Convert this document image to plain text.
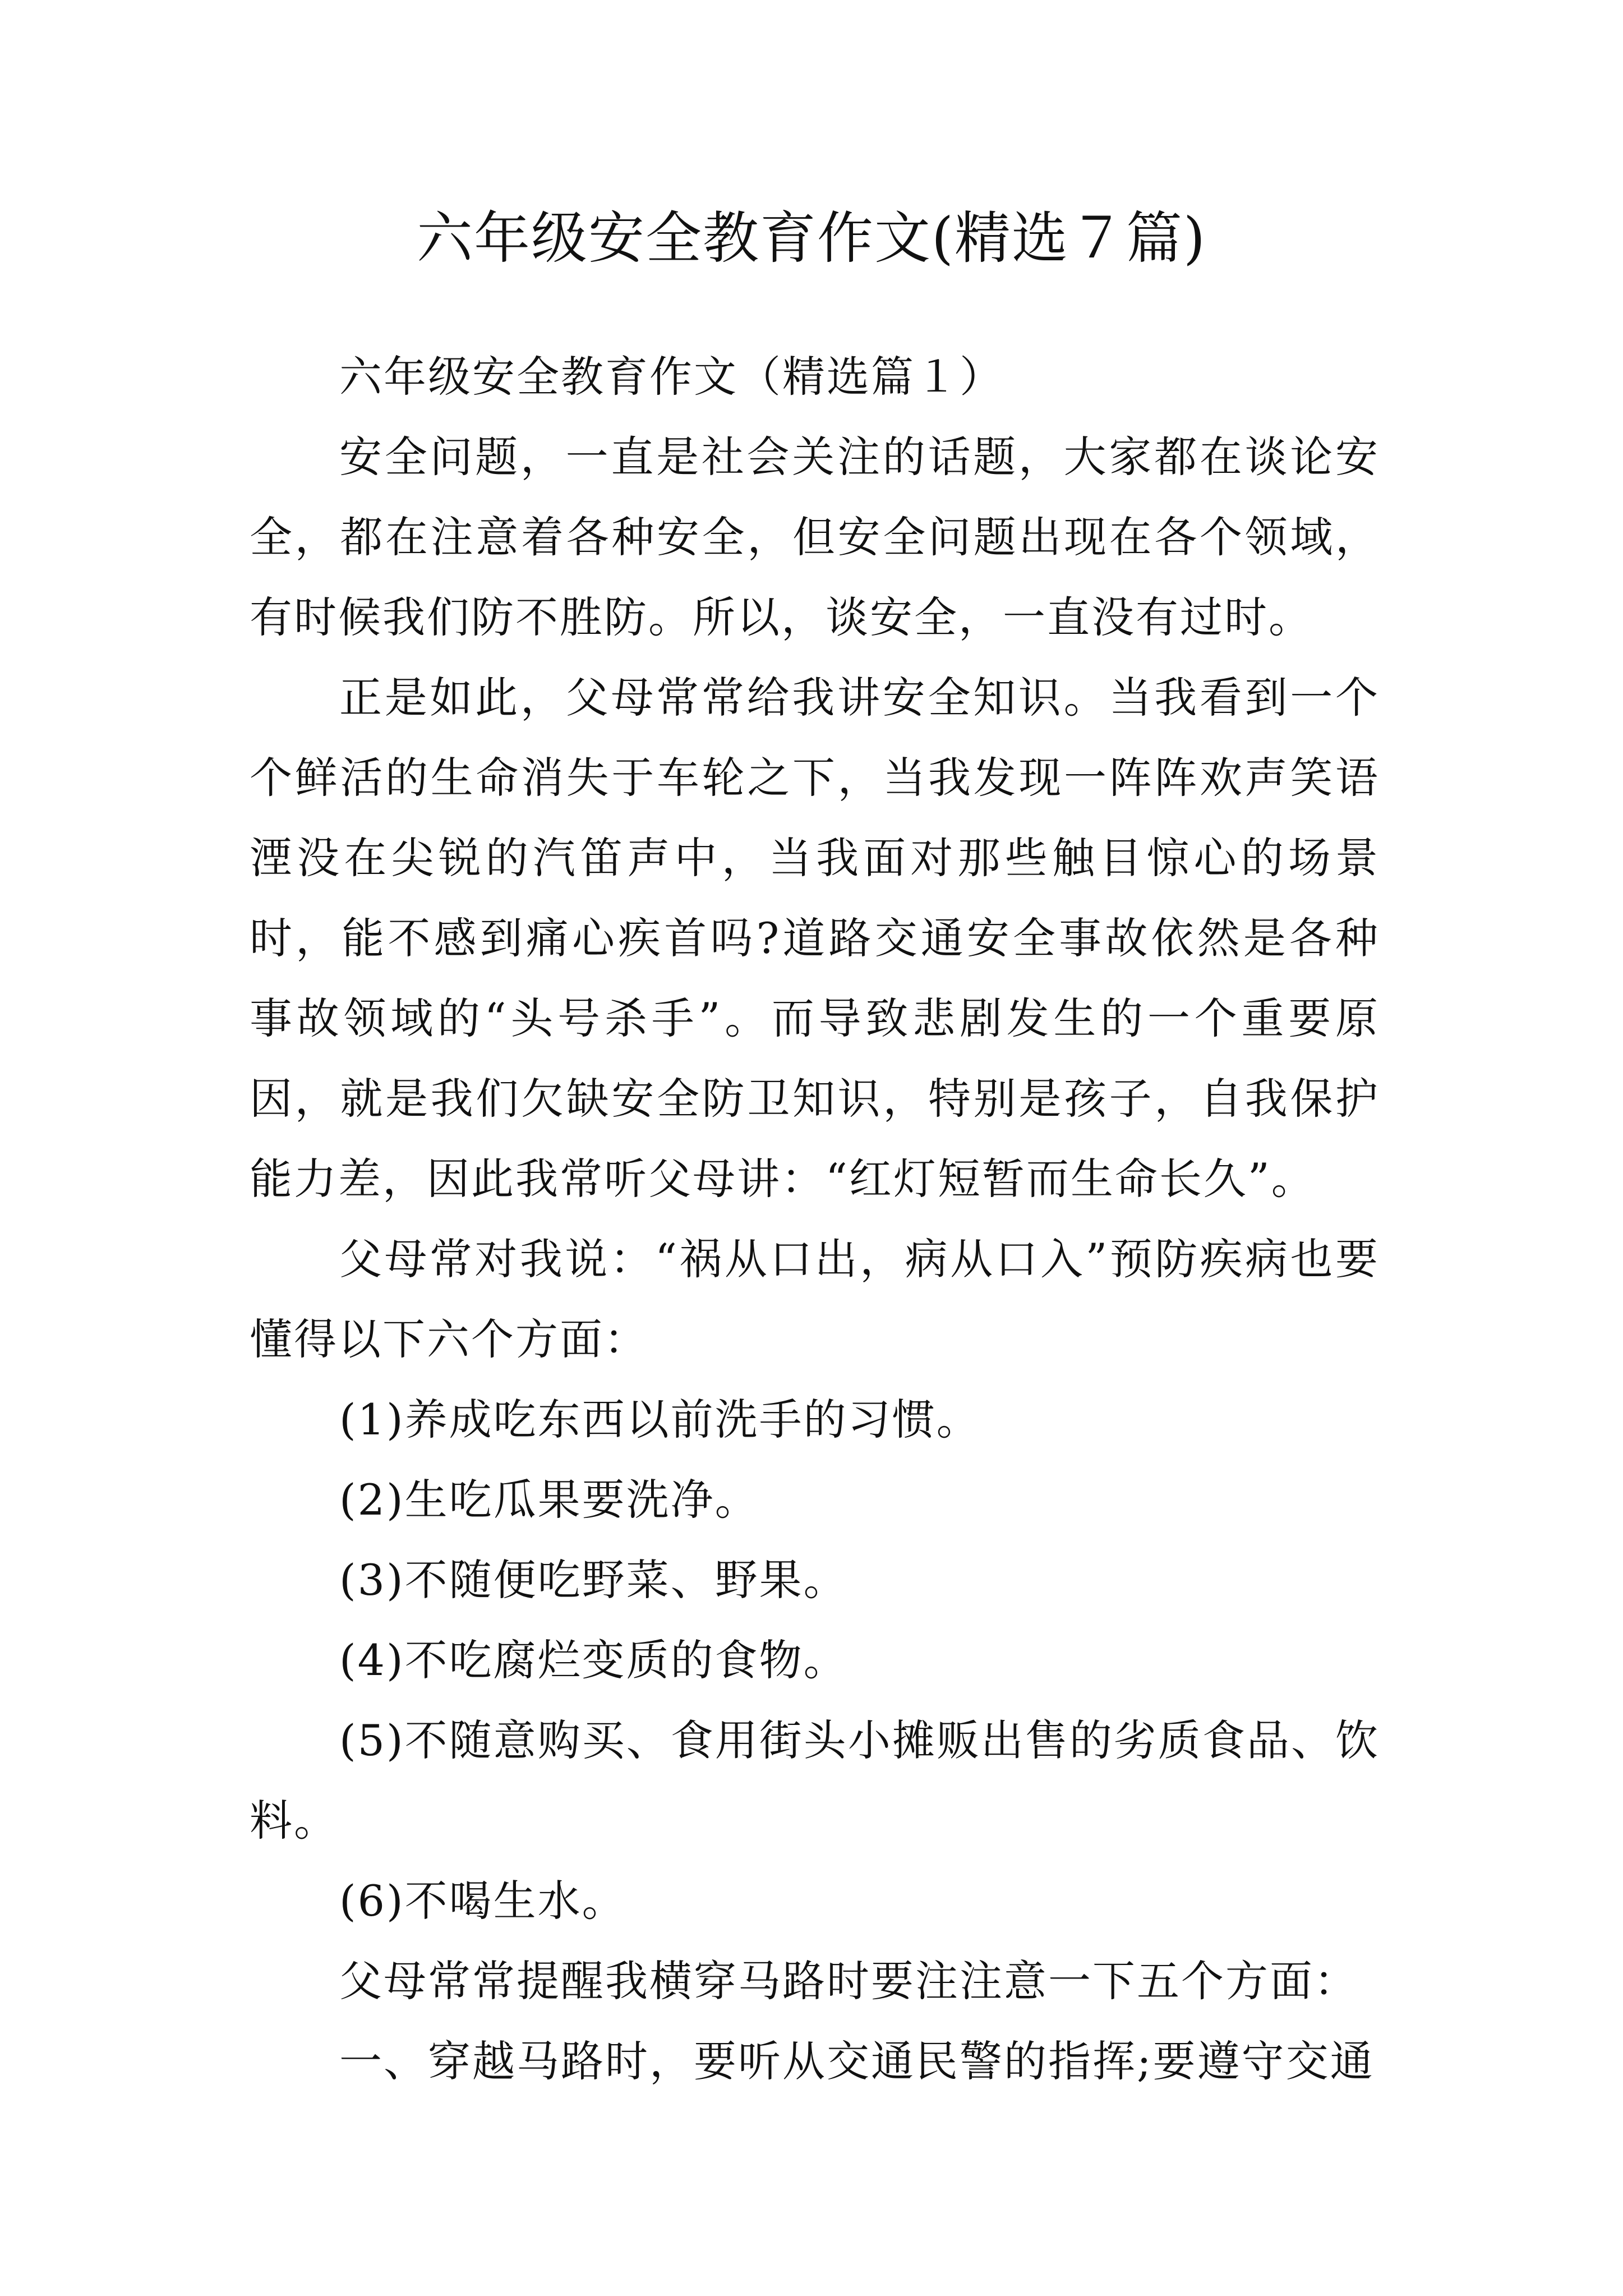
六年级安全教育作文(精选７篇)

六年级安全教育作文（精选篇１）

安全问题，一直是社会关注的话题，大家都在谈论安全，都在注意着各种安全，但安全问题出现在各个领域，有时候我们防不胜防。所以，谈安全，一直没有过时。

正是如此，父母常常给我讲安全知识。当我看到一个个鲜活的生命消失于车轮之下，当我发现一阵阵欢声笑语湮没在尖锐的汽笛声中，当我面对那些触目惊心的场景时，能不感到痛心疾首吗?道路交通安全事故依然是各种事故领域的“头号杀手”。而导致悲剧发生的一个重要原因，就是我们欠缺安全防卫知识，特别是孩子，自我保护能力差，因此我常听父母讲：“红灯短暂而生命长久”。

父母常对我说：“祸从口出，病从口入”预防疾病也要懂得以下六个方面：

(1)养成吃东西以前洗手的习惯。

(2)生吃瓜果要洗净。

(3)不随便吃野菜、野果。

(4)不吃腐烂变质的食物。

(5)不随意购买、食用街头小摊贩出售的劣质食品、饮料。

(6)不喝生水。

父母常常提醒我横穿马路时要注注意一下五个方面：

一、穿越马路时，要听从交通民警的指挥;要遵守交通
